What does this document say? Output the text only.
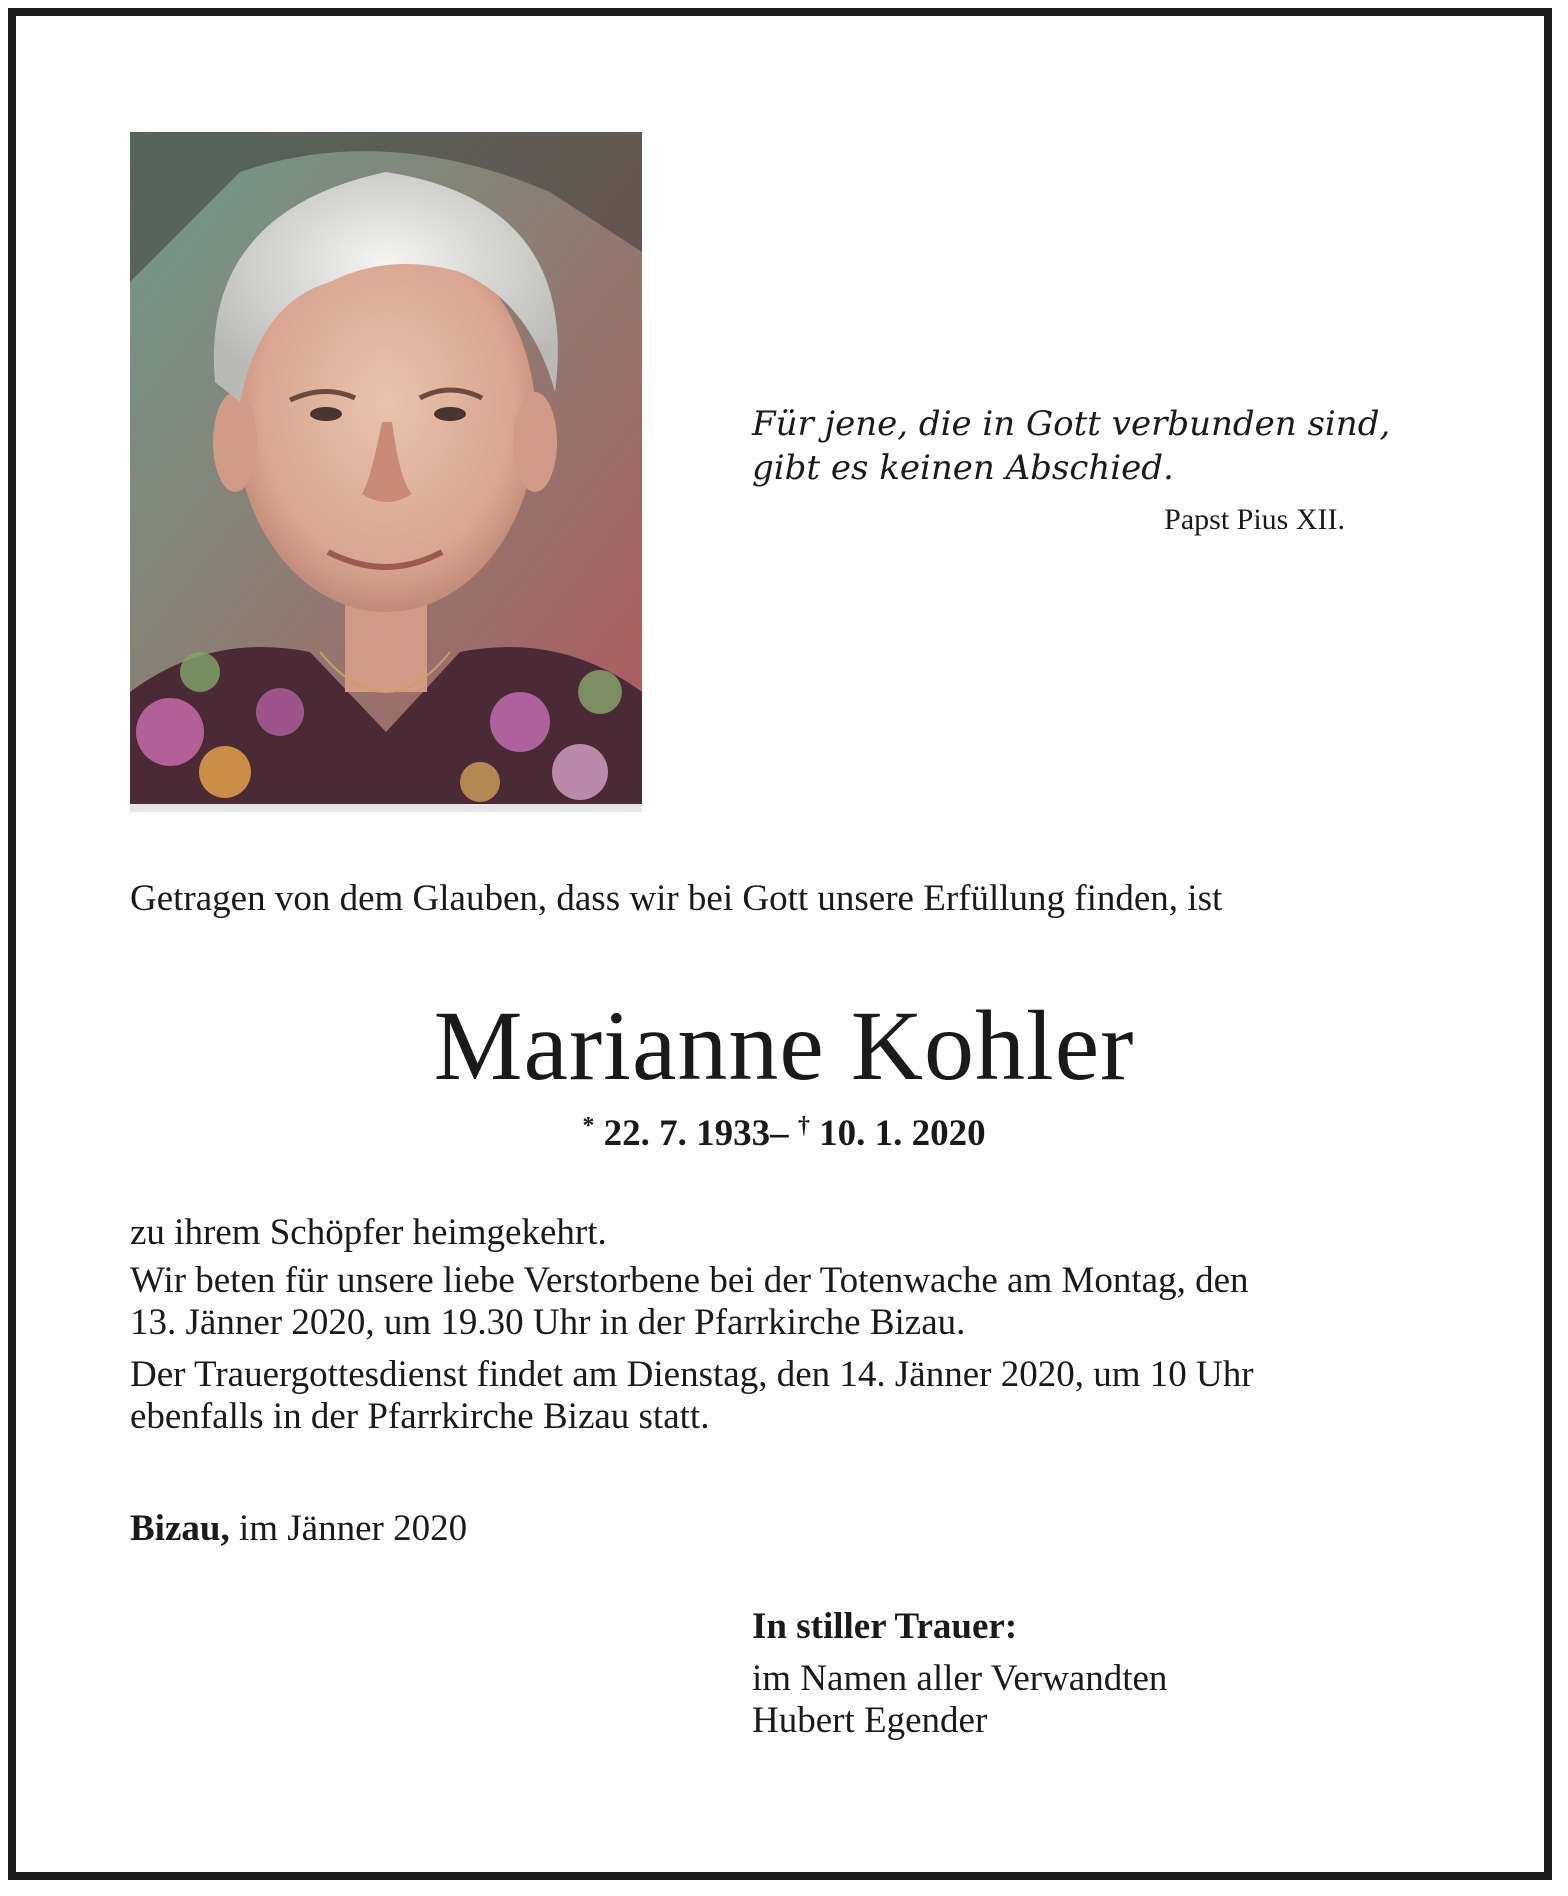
Für jene, die in Gott verbunden sind,
gibt es keinen Abschied.
Papst Pius XII.
Getragen von dem Glauben, dass wir bei Gott unsere Erfüllung finden, ist
Marianne Kohler
* 22. 7. 1933– † 10. 1. 2020

zu ihrem Schöpfer heimgekehrt.

Wir beten für unsere liebe Verstorbene bei der Totenwache am Montag, den
13. Jänner 2020, um 19.30 Uhr in der Pfarrkirche Bizau.

Der Trauergottesdienst findet am Dienstag, den 14. Jänner 2020, um 10 Uhr
ebenfalls in der Pfarrkirche Bizau statt.

Bizau, im Jänner 2020
In stiller Trauer:
im Namen aller Verwandten
Hubert Egender
